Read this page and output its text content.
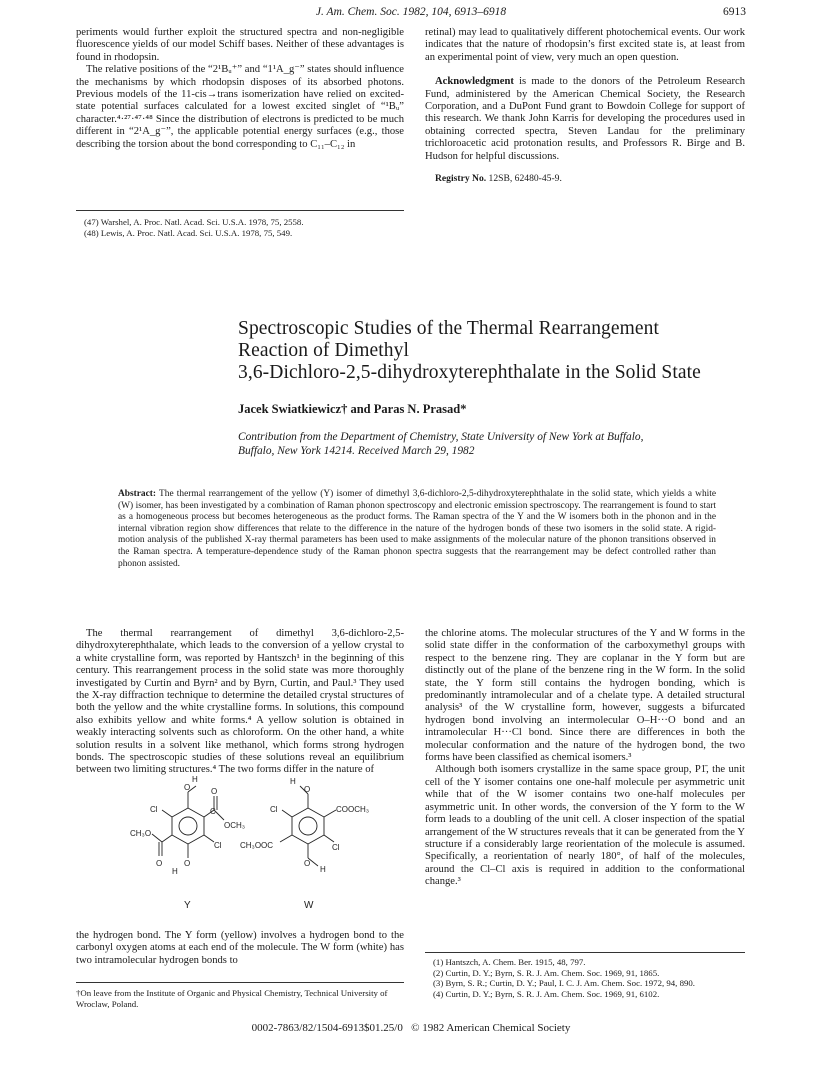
J. Am. Chem. Soc. 1982, 104, 6913–6918	6913

periments would further exploit the structured spectra and non-negligible fluorescence yields of our model Schiff bases. Neither of these advantages is found in rhodopsin.

The relative positions of the “2¹Bᵤ⁺” and “1¹A_g⁻” states should influence the mechanisms by which rhodopsin disposes of its absorbed photons. Previous models of the 11-cis→trans isomerization have relied on excited-state potential surfaces calculated for a lowest excited singlet of “¹Bᵤ” character.⁴·²⁷·⁴⁷·⁴⁸ Since the distribution of electrons is predicted to be much different in “2¹A_g⁻”, the applicable potential energy surfaces (e.g., those describing the torsion about the bond corresponding to C₁₁–C₁₂ in

(47) Warshel, A. Proc. Natl. Acad. Sci. U.S.A. 1978, 75, 2558.
(48) Lewis, A. Proc. Natl. Acad. Sci. U.S.A. 1978, 75, 549.

retinal) may lead to qualitatively different photochemical events. Our work indicates that the nature of rhodopsin’s first excited state is, at least from an experimental point of view, very much an open question.

Acknowledgment is made to the donors of the Petroleum Research Fund, administered by the American Chemical Society, the Research Corporation, and a DuPont Fund grant to Bowdoin College for support of this research. We thank John Karris for developing the procedures used in obtaining corrected spectra, Steven Landau for the preliminary trichloroacetic acid protonation results, and Professors R. Birge and B. Hudson for helpful discussions.

Registry No. 12SB, 62480-45-9.

Spectroscopic Studies of the Thermal Rearrangement
Reaction of Dimethyl
3,6-Dichloro-2,5-dihydroxyterephthalate in the Solid State
Jacek Swiatkiewicz† and Paras N. Prasad*
Contribution from the Department of Chemistry, State University of New York at Buffalo,
Buffalo, New York 14214. Received March 29, 1982
Abstract: The thermal rearrangement of the yellow (Y) isomer of dimethyl 3,6-dichloro-2,5-dihydroxyterephthalate in the solid state, which yields a white (W) isomer, has been investigated by a combination of Raman phonon spectroscopy and electronic emission spectroscopy. The rearrangement is found to start as a homogeneous process but becomes heterogeneous as the product forms. The Raman spectra of the Y and the W isomers both in the phonon and in the internal vibration region show differences that relate to the difference in the nature of the hydrogen bonds of these two isomers in the solid state. A rigid-motion analysis of the published X-ray thermal parameters has been used to make assignments of the molecular nature of the phonon transitions observed in the Raman spectra. A temperature-dependence study of the Raman phonon spectra suggests that the rearrangement may be defect controlled rather than phonon assisted.

The thermal rearrangement of dimethyl 3,6-dichloro-2,5-dihydroxyterephthalate, which leads to the conversion of a yellow crystal to a white crystalline form, was reported by Hantszch¹ in the beginning of this century. This rearrangement process in the solid state was more thoroughly investigated by Curtin and Byrn² and by Byrn, Curtin, and Paul.³ They used the X-ray diffraction technique to determine the detailed crystal structures of both the yellow and the white crystalline forms. In solutions, this compound also exhibits yellow and white forms.⁴ A yellow solution is obtained in weakly interacting solvents such as chloroform. On the other hand, a white solution results in a solvent like methanol, which forms strong hydrogen bonds. The spectroscopic studies of these solutions reveal an equilibrium between two limiting structures.⁴ The two forms differ in the nature of

H
O	O
C
OCH₃
Cl
Cl
CH₃O
O	O
H
H
O
COOCH₃
Cl
Cl
CH₃OOC
O
H
Y	W

the hydrogen bond. The Y form (yellow) involves a hydrogen bond to the carbonyl oxygen atoms at each end of the molecule. The W form (white) has two intramolecular hydrogen bonds to

†On leave from the Institute of Organic and Physical Chemistry, Technical University of Wroclaw, Poland.

the chlorine atoms. The molecular structures of the Y and W forms in the solid state differ in the conformation of the carboxymethyl groups with respect to the benzene ring. They are coplanar in the Y form but are distinctly out of the plane of the benzene ring in the W form. In the solid state, the Y form still contains the hydrogen bonding, which is predominantly intramolecular and of a chelate type. A detailed structural analysis³ of the W crystalline form, however, suggests a bifurcated hydrogen bond involving an intermolecular O–H···O bond and an intramolecular H···Cl bond. Since there are differences in both the molecular conformation and the nature of the hydrogen bond, the two forms have been classified as chemical isomers.³

Although both isomers crystallize in the same space group, P1̄, the unit cell of the Y isomer contains one one-half molecule per asymmetric unit while that of the W isomer contains two one-half molecules per asymmetric unit. In other words, the conversion of the Y form to the W form leads to a doubling of the unit cell. A closer inspection of the spatial arrangement of the W structures reveals that it can be generated from the Y structure if a considerably large reorientation of the molecule is assumed. Specifically, a reorientation of nearly 180°, of half of the molecules, around the Cl–Cl axis is required in addition to the conformational change.³

(1) Hantszch, A. Chem. Ber. 1915, 48, 797.
(2) Curtin, D. Y.; Byrn, S. R. J. Am. Chem. Soc. 1969, 91, 1865.
(3) Byrn, S. R.; Curtin, D. Y.; Paul, I. C. J. Am. Chem. Soc. 1972, 94, 890.
(4) Curtin, D. Y.; Byrn, S. R. J. Am. Chem. Soc. 1969, 91, 6102.
0002-7863/82/1504-6913$01.25/0   © 1982 American Chemical Society
